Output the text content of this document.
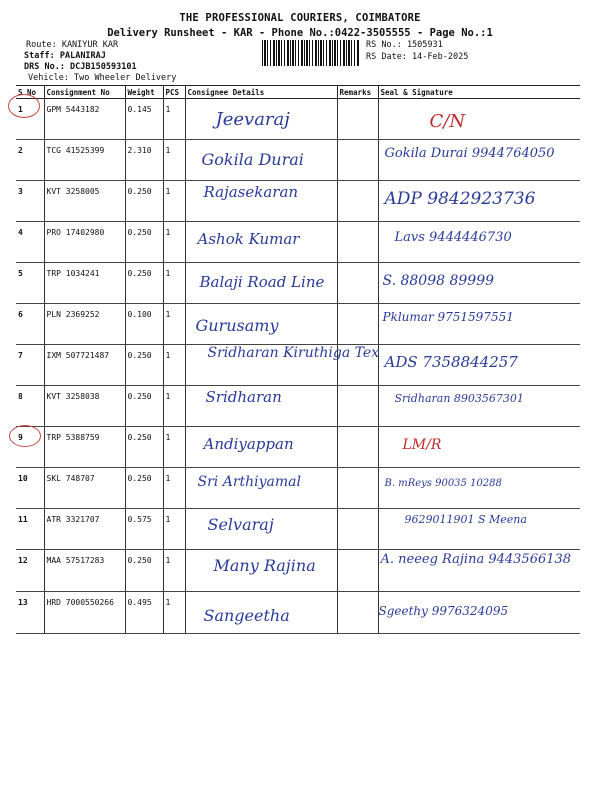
THE PROFESSIONAL COURIERS, COIMBATORE
Delivery Runsheet - KAR - Phone No.:0422-3505555 - Page No.:1
Route: KANIYUR KAR
Staff: PALANIRAJ
DRS No.: DCJB150593101
Vehicle: Two Wheeler Delivery
RS No.: 1505931
RS Date: 14-Feb-2025
S No	Consignment No	Weight	PCS	Consignee Details	Remarks	Seal & Signature
1	GPM 5443182	0.145	1	Jeevaraj		C/N

2	TCG 41525399	2.310	1	Gokila Durai		Gokila Durai 9944764050

3	KVT 3258005	0.250	1	Rajasekaran		ADP 9842923736

4	PRO 17402980	0.250	1	Ashok Kumar		Lavs 9444446730

5	TRP 1034241	0.250	1	Balaji Road Line		S. 88098 89999

6	PLN 2369252	0.100	1	Gurusamy		Pklumar 9751597551

7	IXM 507721487	0.250	1	Sridharan Kiruthiga Tex		ADS 7358844257

8	KVT 3258038	0.250	1	Sridharan		Sridharan 8903567301

9	TRP 5388759	0.250	1	Andiyappan		LM/R

10	SKL 748707	0.250	1	Sri Arthiyamal		B. mReys 90035 10288

11	ATR 3321707	0.575	1	Selvaraj		9629011901 S Meena

12	MAA 57517283	0.250	1	Many Rajina		A. neeeg Rajina 9443566138

13	HRD 7000550266	0.495	1	Sangeetha		Sgeethy 9976324095
